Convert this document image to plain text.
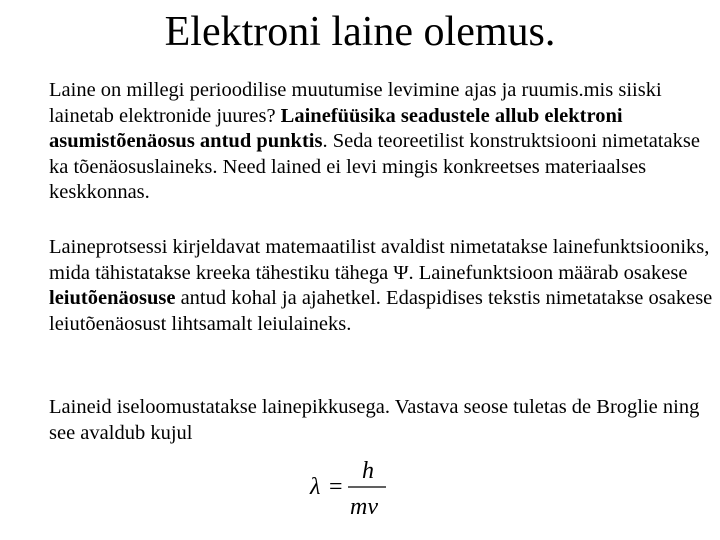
Elektroni laine olemus.

Laine on millegi perioodilise muutumise levimine ajas ja ruumis.mis siiski lainetab elektronide juures? Lainefüüsika seadustele allub elektroni asumistõenäosus antud punktis. Seda teoreetilist konstruktsiooni nimetatakse ka tõenäosuslaineks. Need lained ei levi mingis konkreetses materiaalses keskkonnas.

Laineprotsessi kirjeldavat matemaatilist avaldist nimetatakse lainefunktsiooniks, mida tähistatakse kreeka tähestiku tähega Ψ. Lainefunktsioon määrab osakese leiutõenäosuse antud kohal ja ajahetkel. Edaspidises tekstis nimetatakse osakese leiutõenäosust lihtsamalt leiulaineks.

Laineid iseloomustatakse lainepikkusega. Vastava seose tuletas de Broglie ning see avaldub kujul

λ =
h
mv
